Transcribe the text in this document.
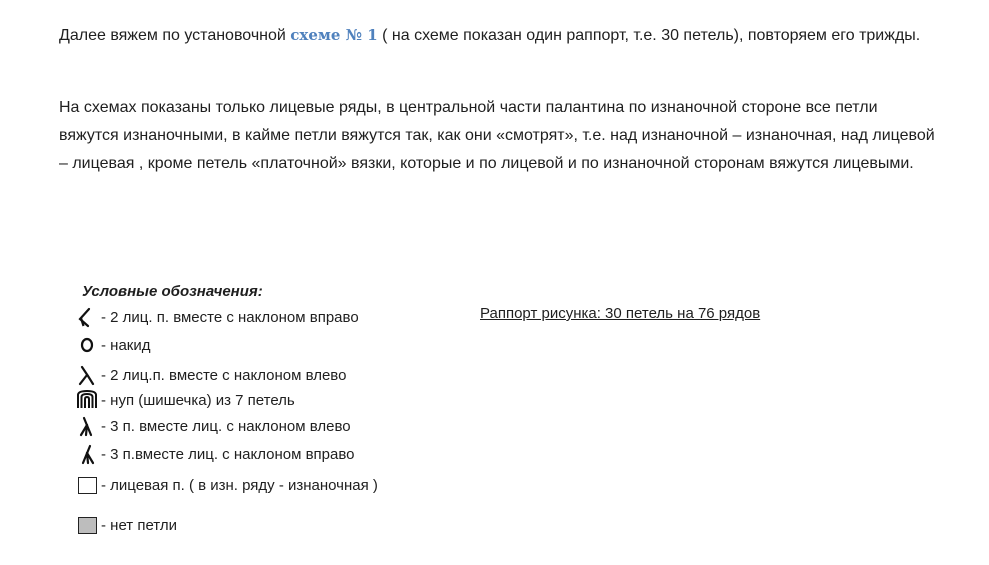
Далее вяжем по установочной схеме № 1 ( на схеме показан один раппорт, т.е. 30 петель), повторяем его трижды.

На схемах показаны только лицевые ряды, в центральной части палантина по изнаночной стороне все петли вяжутся изнаночными, в кайме петли вяжутся так, как они «смотрят», т.е. над изнаночной – изнаночная, над лицевой – лицевая , кроме петель «платочной» вязки, которые и по лицевой и по изнаночной сторонам вяжутся лицевыми.

Условные обозначения:

- 2 лиц. п. вместе с наклоном вправо
- накид
- 2 лиц.п. вместе с наклоном влево
- нуп (шишечка) из 7 петель
- 3 п. вместе лиц. с наклоном влево
- 3 п.вместе лиц. с наклоном вправо
- лицевая п. ( в изн. ряду - изнаночная )
- нет петли
Раппорт рисунка: 30 петель на 76 рядов
